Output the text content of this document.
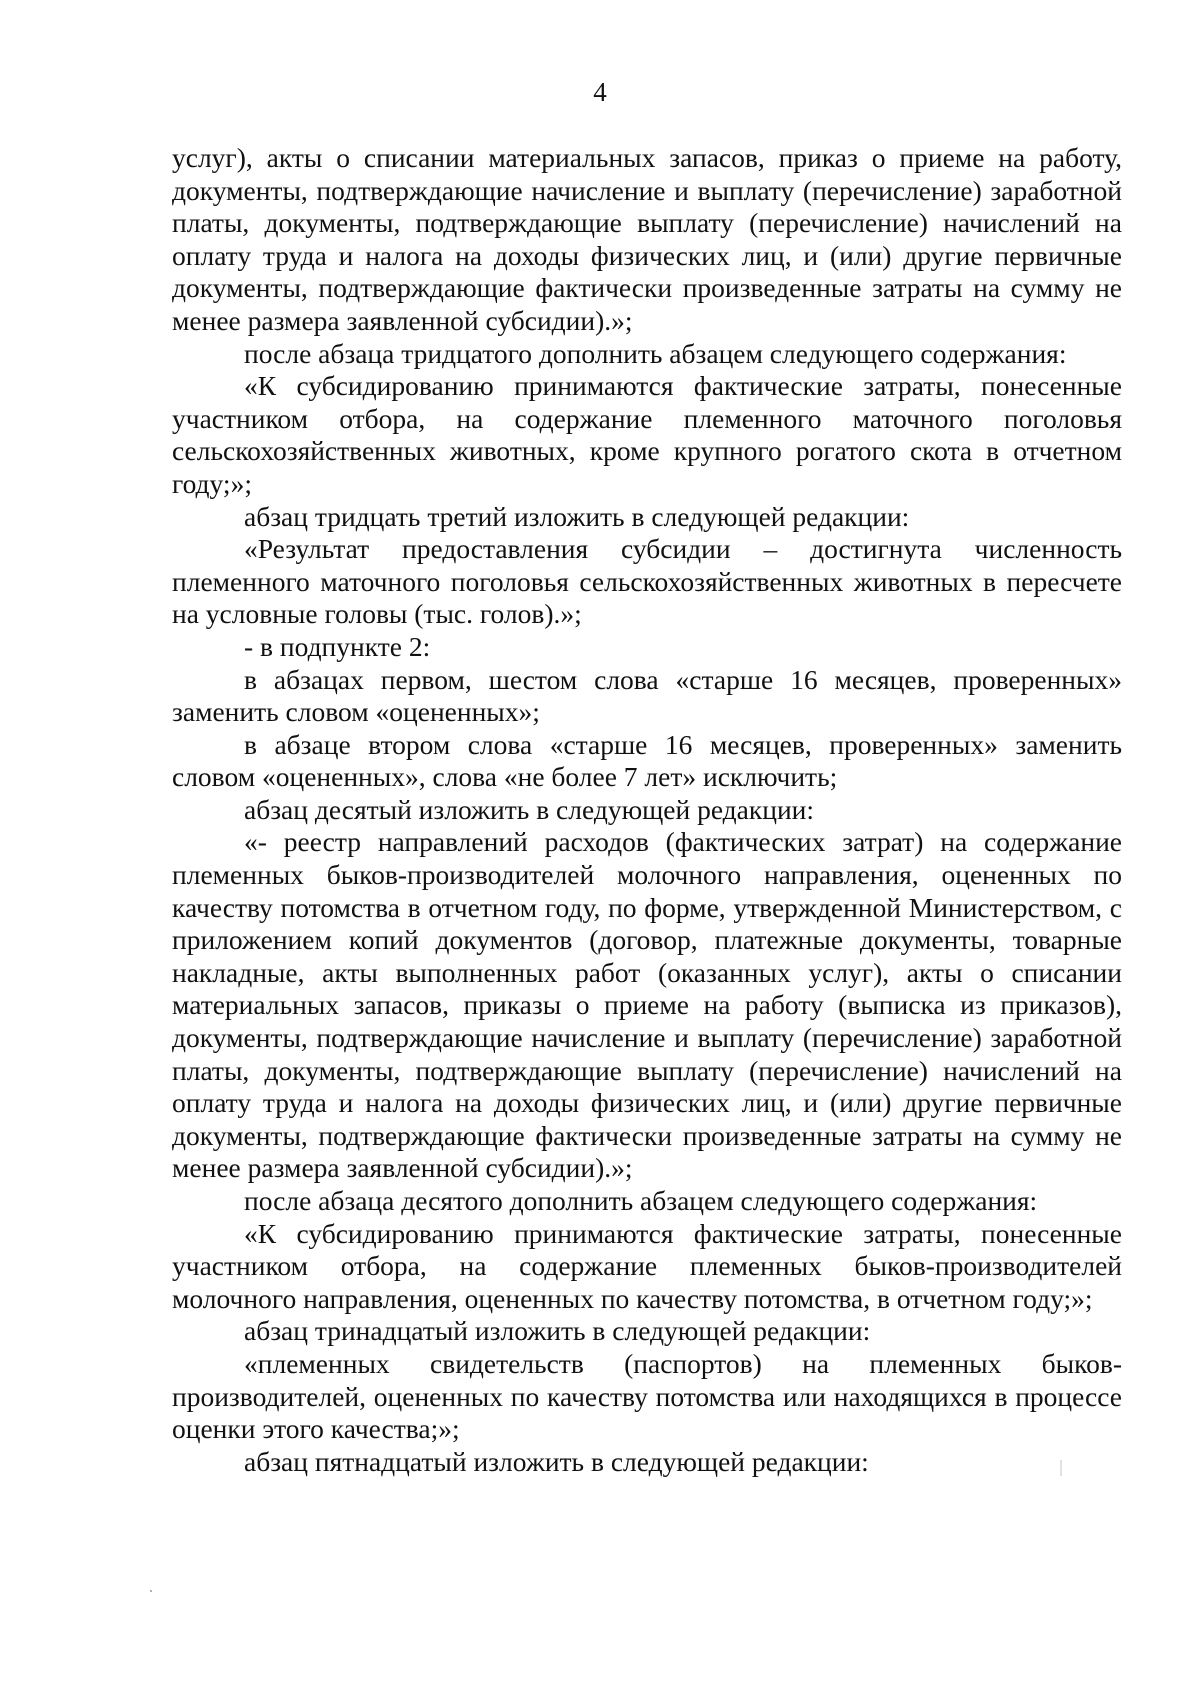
4

услуг), акты о списании материальных запасов, приказ о приеме на работу, документы, подтверждающие начисление и выплату (перечисление) заработной платы, документы, подтверждающие выплату (перечисление) начислений на оплату труда и налога на доходы физических лиц, и (или) другие первичные документы, подтверждающие фактически произведенные затраты на сумму не менее размера заявленной субсидии).»;

после абзаца тридцатого дополнить абзацем следующего содержания:

«К субсидированию принимаются фактические затраты, понесенные участником отбора, на содержание племенного маточного поголовья сельскохозяйственных животных, кроме крупного рогатого скота в отчетном году;»;

абзац тридцать третий изложить в следующей редакции:

«Результат предоставления субсидии – достигнута численность племенного маточного поголовья сельскохозяйственных животных в пересчете на условные головы (тыс. голов).»;

- в подпункте 2:

в абзацах первом, шестом слова «старше 16 месяцев, проверенных» заменить словом «оцененных»;

в абзаце втором слова «старше 16 месяцев, проверенных» заменить словом «оцененных», слова «не более 7 лет» исключить;

абзац десятый изложить в следующей редакции:

«- реестр направлений расходов (фактических затрат) на содержание племенных быков-производителей молочного направления, оцененных по качеству потомства в отчетном году, по форме, утвержденной Министерством, с приложением копий документов (договор, платежные документы, товарные накладные, акты выполненных работ (оказанных услуг), акты о списании материальных запасов, приказы о приеме на работу (выписка из приказов), документы, подтверждающие начисление и выплату (перечисление) заработной платы, документы, подтверждающие выплату (перечисление) начислений на оплату труда и налога на доходы физических лиц, и (или) другие первичные документы, подтверждающие фактически произведенные затраты на сумму не менее размера заявленной субсидии).»;

после абзаца десятого дополнить абзацем следующего содержания:

«К субсидированию принимаются фактические затраты, понесенные участником отбора, на содержание племенных быков-производителей молочного направления, оцененных по качеству потомства, в отчетном году;»;

абзац тринадцатый изложить в следующей редакции:

«племенных свидетельств (паспортов) на племенных быков-производителей, оцененных по качеству потомства или находящихся в процессе оценки этого качества;»;

абзац пятнадцатый изложить в следующей редакции:
